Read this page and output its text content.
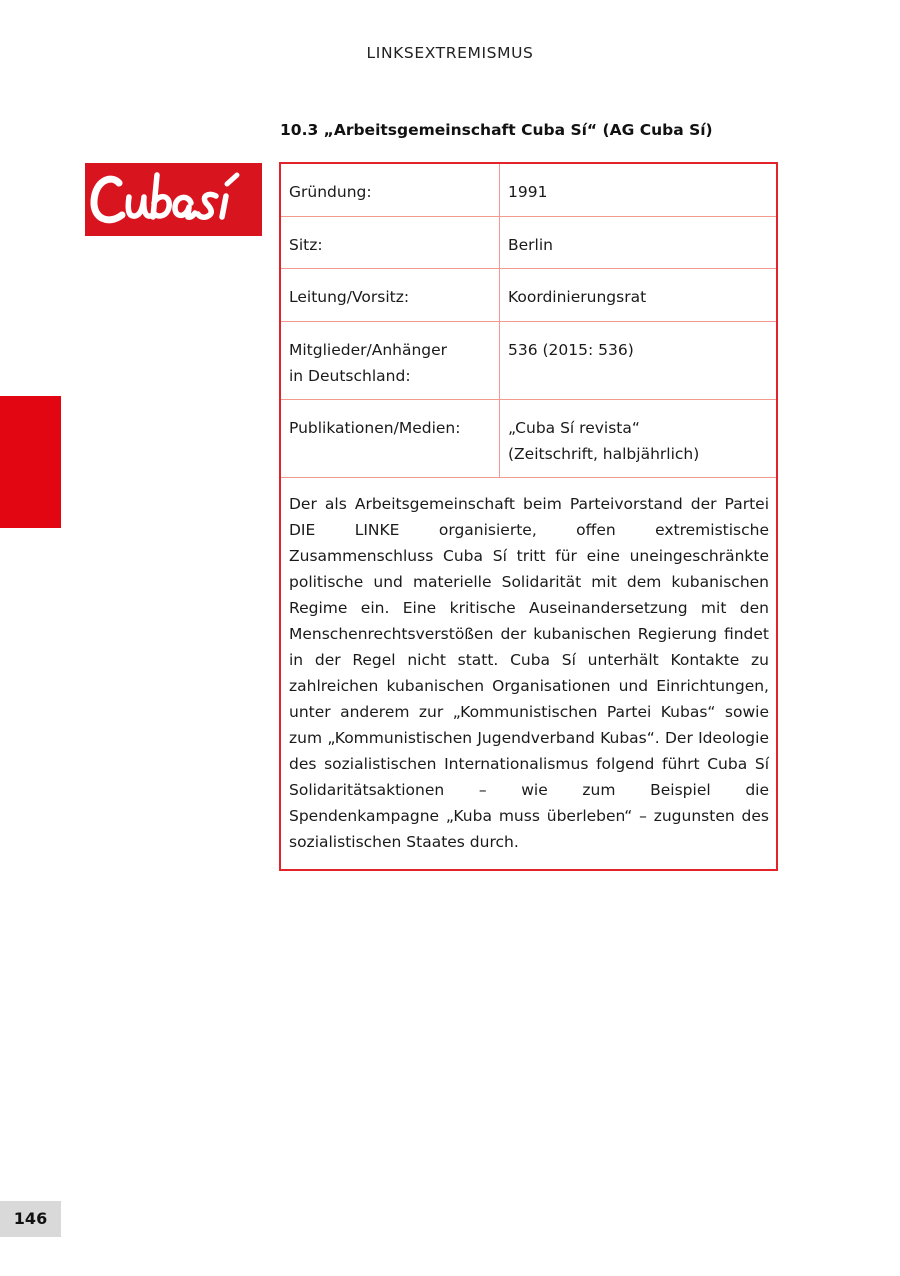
LINKSEXTREMISMUS
10.3 „Arbeitsgemeinschaft Cuba Sí“ (AG Cuba Sí)
Gründung:	1991
Sitz:	Berlin
Leitung/Vorsitz:	Koordinierungsrat
Mitglieder/Anhänger
in Deutschland:	536 (2015: 536)
Publikationen/Medien:	„Cuba Sí revista“
(Zeitschrift, halbjährlich)
Der als Arbeitsgemeinschaft beim Parteivorstand der Partei DIE LINKE organisierte, offen extremistische Zusammenschluss Cuba Sí tritt für eine uneingeschränkte politische und materielle Solidarität mit dem kubanischen Regime ein. Eine kritische Auseinandersetzung mit den Menschenrechtsverstößen der kubanischen Regierung findet in der Regel nicht statt. Cuba Sí unterhält Kontakte zu zahlreichen kubanischen Organisationen und Einrichtungen, unter anderem zur „Kommunistischen Partei Kubas“ sowie zum „Kommunistischen Jugendverband Kubas“. Der Ideologie des sozialistischen Internationalismus folgend führt Cuba Sí Solidaritätsaktionen – wie zum Beispiel die Spendenkampagne „Kuba muss überleben“ – zugunsten des sozialistischen Staates durch.
146
